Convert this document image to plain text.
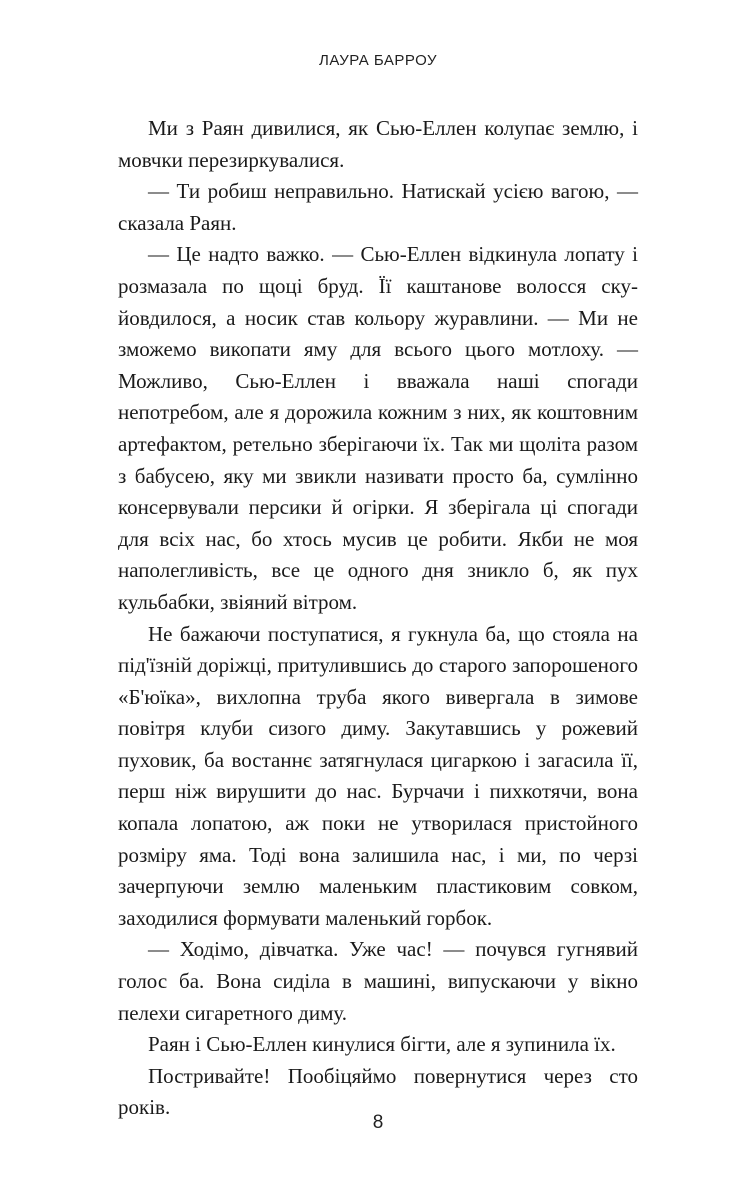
ЛАУРА БАРРОУ

Ми з Раян дивилися, як Сью-Еллен колупає землю, і мовчки перезиркувалися.

— Ти робиш неправильно. Натискай усією вагою, — сказала Раян.

— Це надто важко. — Сью-Еллен відкинула лопату і розмазала по щоці бруд. Її каштанове волосся скуйовдилося, а носик став кольору журавлини. — Ми не зможемо викопати яму для всього цього мотлоху. — Можливо, Сью-Еллен і вважала наші спогади непотребом, але я дорожила кожним з них, як коштовним артефактом, ретельно зберігаючи їх. Так ми щоліта разом з бабусею, яку ми звикли називати просто ба, сумлінно консервували персики й огірки. Я зберігала ці спогади для всіх нас, бо хтось мусив це робити. Якби не моя наполегливість, все це одного дня зникло б, як пух кульбабки, звіяний вітром.

Не бажаючи поступатися, я гукнула ба, що стояла на під'їзній доріжці, притулившись до старого запорошеного «Б'юїка», вихлопна труба якого вивергала в зимове повітря клуби сизого диму. Закутавшись у рожевий пуховик, ба востаннє затягнулася цигаркою і загасила її, перш ніж вирушити до нас. Бурчачи і пихкотячи, вона копала лопатою, аж поки не утворилася пристойного розміру яма. Тоді вона залишила нас, і ми, по черзі зачерпуючи землю маленьким пластиковим совком, заходилися формувати маленький горбок.

— Ходімо, дівчатка. Уже час! — почувся гугнявий голос ба. Вона сиділа в машині, випускаючи у вікно пелехи сигаретного диму.

Раян і Сью-Еллен кинулися бігти, але я зупинила їх.

Постривайте! Пообіцяймо повернутися через сто років.

8
